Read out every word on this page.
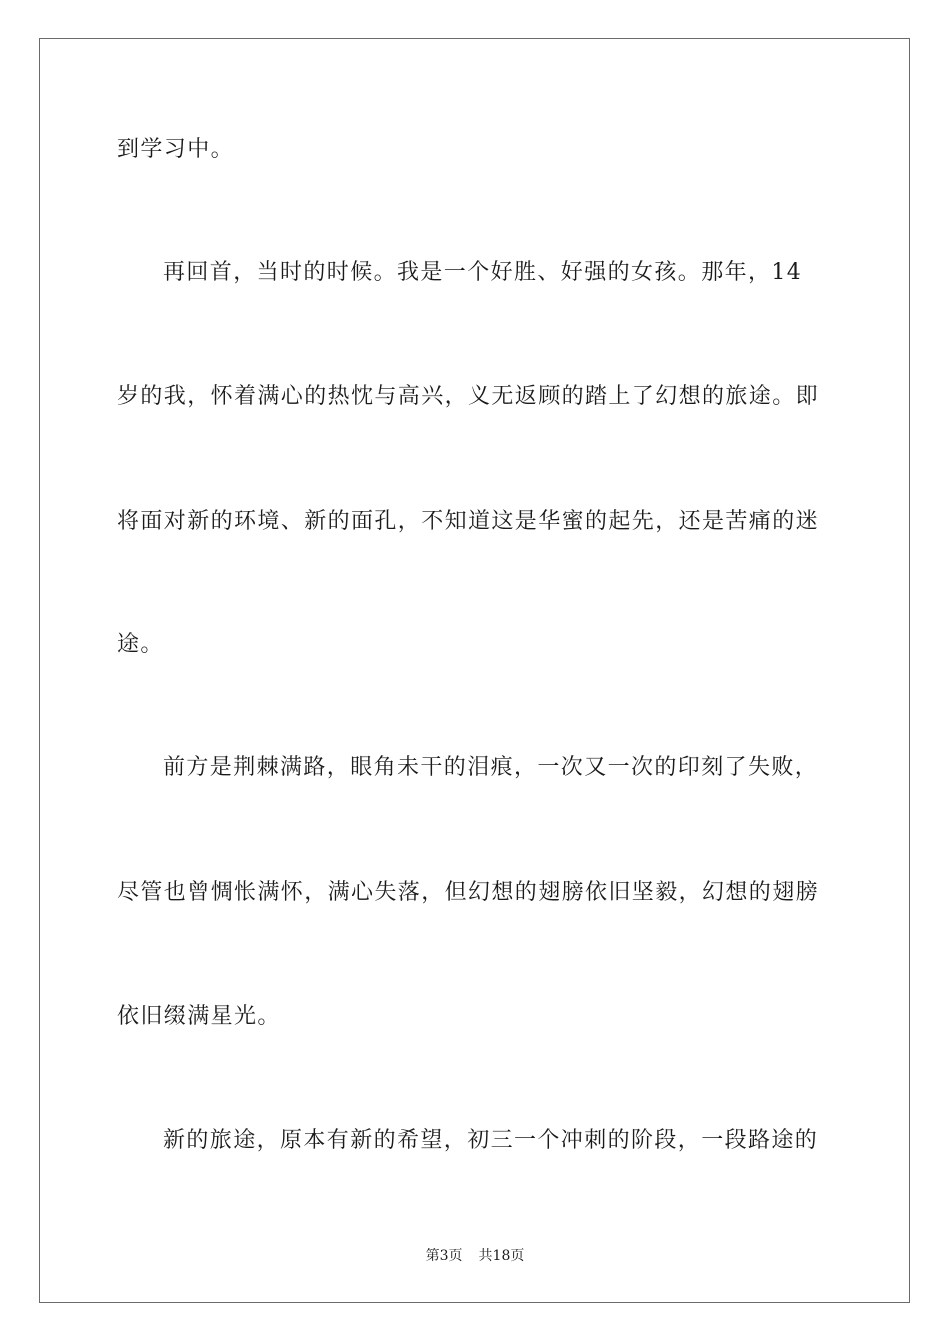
到学习中。
再回首，当时的时候。我是一个好胜、好强的女孩。那年，14
岁的我，怀着满心的热忱与高兴，义无返顾的踏上了幻想的旅途。即
将面对新的环境、新的面孔，不知道这是华蜜的起先，还是苦痛的迷
途。
前方是荆棘满路，眼角未干的泪痕，一次又一次的印刻了失败，
尽管也曾惆怅满怀，满心失落，但幻想的翅膀依旧坚毅，幻想的翅膀
依旧缀满星光。
新的旅途，原本有新的希望，初三一个冲刺的阶段，一段路途的
第3页 共18页
